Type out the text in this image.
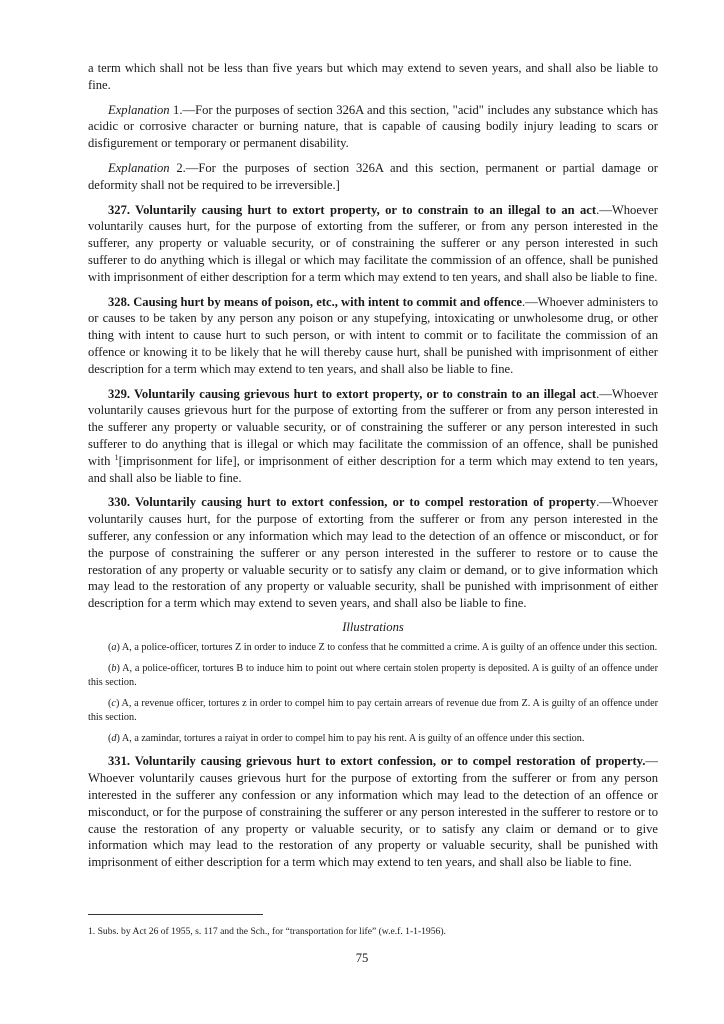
a term which shall not be less than five years but which may extend to seven years, and shall also be liable to fine.

Explanation 1.—For the purposes of section 326A and this section, "acid" includes any substance which has acidic or corrosive character or burning nature, that is capable of causing bodily injury leading to scars or disfigurement or temporary or permanent disability.

Explanation 2.—For the purposes of section 326A and this section, permanent or partial damage or deformity shall not be required to be irreversible.]

327. Voluntarily causing hurt to extort property, or to constrain to an illegal to an act.—Whoever voluntarily causes hurt, for the purpose of extorting from the sufferer, or from any person interested in the sufferer, any property or valuable security, or of constraining the sufferer or any person interested in such sufferer to do anything which is illegal or which may facilitate the commission of an offence, shall be punished with imprisonment of either description for a term which may extend to ten years, and shall also be liable to fine.

328. Causing hurt by means of poison, etc., with intent to commit and offence.—Whoever administers to or causes to be taken by any person any poison or any stupefying, intoxicating or unwholesome drug, or other thing with intent to cause hurt to such person, or with intent to commit or to facilitate the commission of an offence or knowing it to be likely that he will thereby cause hurt, shall be punished with imprisonment of either description for a term which may extend to ten years, and shall also be liable to fine.

329. Voluntarily causing grievous hurt to extort property, or to constrain to an illegal act.—Whoever voluntarily causes grievous hurt for the purpose of extorting from the sufferer or from any person interested in the sufferer any property or valuable security, or of constraining the sufferer or any person interested in such sufferer to do anything that is illegal or which may facilitate the commission of an offence, shall be punished with $^1$[imprisonment for life], or imprisonment of either description for a term which may extend to ten years, and shall also be liable to fine.

330. Voluntarily causing hurt to extort confession, or to compel restoration of property.—Whoever voluntarily causes hurt, for the purpose of extorting from the sufferer or from any person interested in the sufferer, any confession or any information which may lead to the detection of an offence or misconduct, or for the purpose of constraining the sufferer or any person interested in the sufferer to restore or to cause the restoration of any property or valuable security or to satisfy any claim or demand, or to give information which may lead to the restoration of any property or valuable security, shall be punished with imprisonment of either description for a term which may extend to seven years, and shall also be liable to fine.

Illustrations

(a) A, a police-officer, tortures Z in order to induce Z to confess that he committed a crime. A is guilty of an offence under this section.

(b) A, a police-officer, tortures B to induce him to point out where certain stolen property is deposited. A is guilty of an offence under this section.

(c) A, a revenue officer, tortures z in order to compel him to pay certain arrears of revenue due from Z. A is guilty of an offence under this section.

(d) A, a zamindar, tortures a raiyat in order to compel him to pay his rent. A is guilty of an offence under this section.

331. Voluntarily causing grievous hurt to extort confession, or to compel restoration of property.—Whoever voluntarily causes grievous hurt for the purpose of extorting from the sufferer or from any person interested in the sufferer any confession or any information which may lead to the detection of an offence or misconduct, or for the purpose of constraining the sufferer or any person interested in the sufferer to restore or to cause the restoration of any property or valuable security, or to satisfy any claim or demand or to give information which may lead to the restoration of any property or valuable security, shall be punished with imprisonment of either description for a term which may extend to ten years, and shall also be liable to fine.

1. Subs. by Act 26 of 1955, s. 117 and the Sch., for “transportation for life” (w.e.f. 1-1-1956).
75
